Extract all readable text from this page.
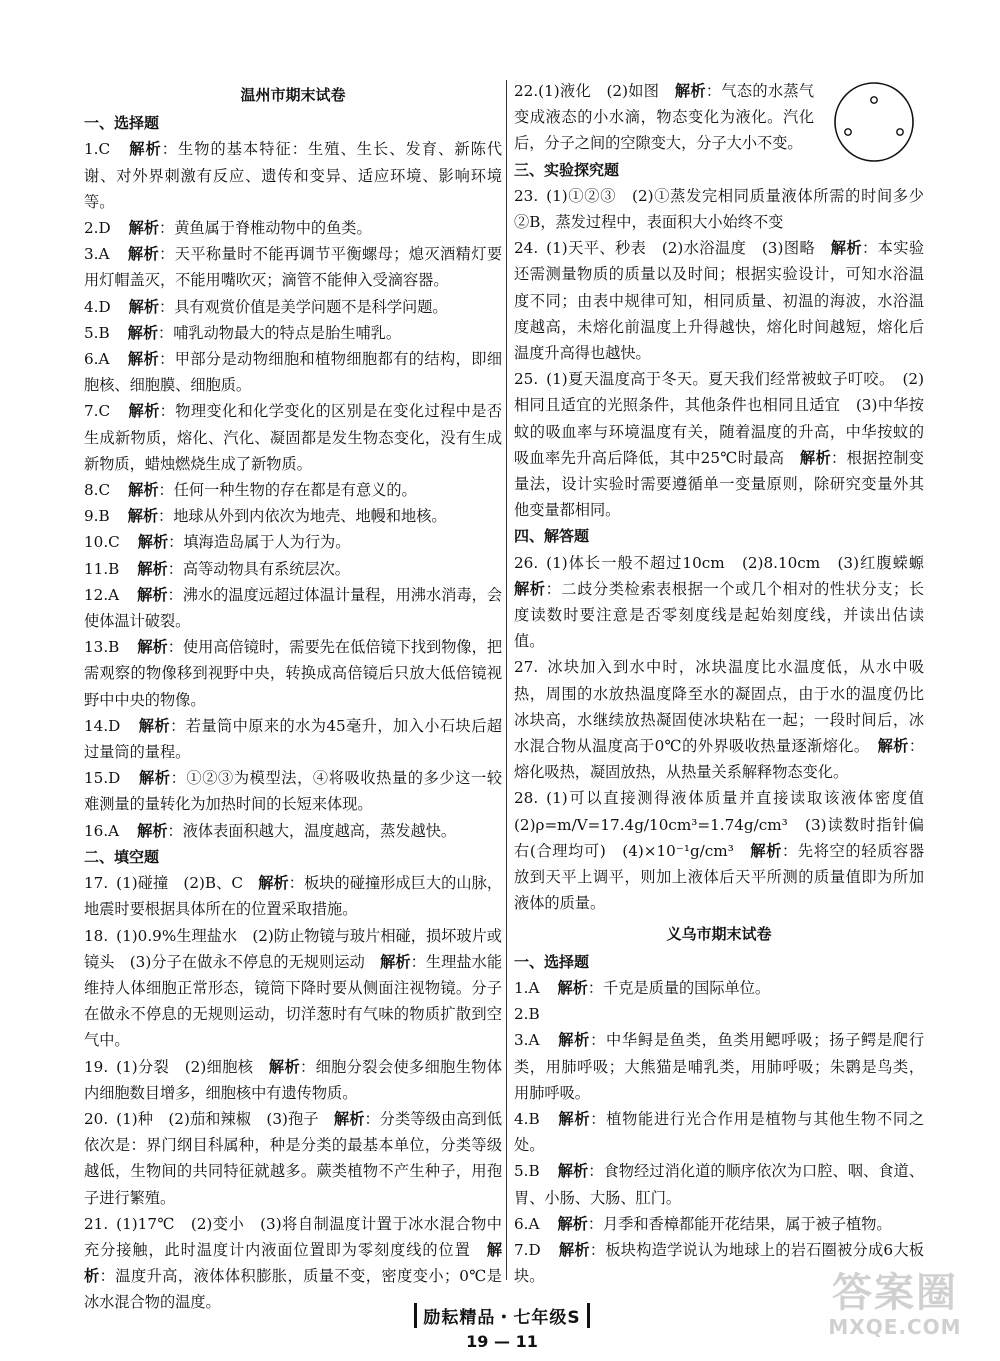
温州市期末试卷
一、选择题
1.C 解析：生物的基本特征：生殖、生长、发育、新陈代谢、对外界刺激有反应、遗传和变异、适应环境、影响环境等。
2.D 解析：黄鱼属于脊椎动物中的鱼类。
3.A 解析：天平称量时不能再调节平衡螺母；熄灭酒精灯要用灯帽盖灭，不能用嘴吹灭；滴管不能伸入受滴容器。
4.D 解析：具有观赏价值是美学问题不是科学问题。
5.B 解析：哺乳动物最大的特点是胎生哺乳。
6.A 解析：甲部分是动物细胞和植物细胞都有的结构，即细胞核、细胞膜、细胞质。
7.C 解析：物理变化和化学变化的区别是在变化过程中是否生成新物质，熔化、汽化、凝固都是发生物态变化，没有生成新物质，蜡烛燃烧生成了新物质。
8.C 解析：任何一种生物的存在都是有意义的。
9.B 解析：地球从外到内依次为地壳、地幔和地核。
10.C 解析：填海造岛属于人为行为。
11.B 解析：高等动物具有系统层次。
12.A 解析：沸水的温度远超过体温计量程，用沸水消毒，会使体温计破裂。
13.B 解析：使用高倍镜时，需要先在低倍镜下找到物像，把需观察的物像移到视野中央，转换成高倍镜后只放大低倍镜视野中中央的物像。
14.D 解析：若量筒中原来的水为45毫升，加入小石块后超过量筒的量程。
15.D 解析：①②③为模型法，④将吸收热量的多少这一较难测量的量转化为加热时间的长短来体现。
16.A 解析：液体表面积越大，温度越高，蒸发越快。
二、填空题
17. (1)碰撞　(2)B、C　解析：板块的碰撞形成巨大的山脉，地震时要根据具体所在的位置采取措施。
18. (1)0.9%生理盐水　(2)防止物镜与玻片相碰，损坏玻片或镜头　(3)分子在做永不停息的无规则运动　解析：生理盐水能维持人体细胞正常形态，镜筒下降时要从侧面注视物镜。分子在做永不停息的无规则运动，切洋葱时有气味的物质扩散到空气中。
19. (1)分裂　(2)细胞核　解析：细胞分裂会使多细胞生物体内细胞数目增多，细胞核中有遗传物质。
20. (1)种　(2)茄和辣椒　(3)孢子　解析：分类等级由高到低依次是：界门纲目科属种，种是分类的最基本单位，分类等级越低，生物间的共同特征就越多。蕨类植物不产生种子，用孢子进行繁殖。
21. (1)17℃　(2)变小　(3)将自制温度计置于冰水混合物中充分接触，此时温度计内液面位置即为零刻度线的位置　解析：温度升高，液体体积膨胀，质量不变，密度变小；0℃是冰水混合物的温度。
22.(1)液化　(2)如图　解析：气态的水蒸气变成液态的小水滴，物态变化为液化。汽化后，分子之间的空隙变大，分子大小不变。
三、实验探究题
23. (1)①②③　(2)①蒸发完相同质量液体所需的时间多少　②B，蒸发过程中，表面积大小始终不变
24. (1)天平、秒表　(2)水浴温度　(3)图略　解析：本实验还需测量物质的质量以及时间；根据实验设计，可知水浴温度不同；由表中规律可知，相同质量、初温的海波，水浴温度越高，未熔化前温度上升得越快，熔化时间越短，熔化后温度升高得也越快。
25. (1)夏天温度高于冬天。夏天我们经常被蚊子叮咬。　(2)相同且适宜的光照条件，其他条件也相同且适宜　(3)中华按蚊的吸血率与环境温度有关，随着温度的升高，中华按蚊的吸血率先升高后降低，其中25℃时最高　解析：根据控制变量法，设计实验时需要遵循单一变量原则，除研究变量外其他变量都相同。
四、解答题
26. (1)体长一般不超过10cm　(2)8.10cm　(3)红腹蝾螈　解析：二歧分类检索表根据一个或几个相对的性状分支；长度读数时要注意是否零刻度线是起始刻度线，并读出估读值。
27. 冰块加入到水中时，冰块温度比水温度低，从水中吸热，周围的水放热温度降至水的凝固点，由于水的温度仍比冰块高，水继续放热凝固使冰块粘在一起；一段时间后，冰水混合物从温度高于0℃的外界吸收热量逐渐熔化。　解析：熔化吸热，凝固放热，从热量关系解释物态变化。
28. (1)可以直接测得液体质量并直接读取该液体密度值　(2)ρ=m/V=17.4g/10cm³=1.74g/cm³　(3)读数时指针偏右(合理均可)　(4)×10⁻¹g/cm³　解析：先将空的轻质容器放到天平上调平，则加上液体后天平所测的质量值即为所加液体的质量。
义乌市期末试卷
一、选择题
1.A 解析：千克是质量的国际单位。
2.B
3.A 解析：中华鲟是鱼类，鱼类用鳃呼吸；扬子鳄是爬行类，用肺呼吸；大熊猫是哺乳类，用肺呼吸；朱鹮是鸟类，用肺呼吸。
4.B 解析：植物能进行光合作用是植物与其他生物不同之处。
5.B 解析：食物经过消化道的顺序依次为口腔、咽、食道、胃、小肠、大肠、肛门。
6.A 解析：月季和香樟都能开花结果，属于被子植物。
7.D 解析：板块构造学说认为地球上的岩石圈被分成6大板块。
励耘精品・七年级S
19 — 11
答案圈
MXQE.COM
